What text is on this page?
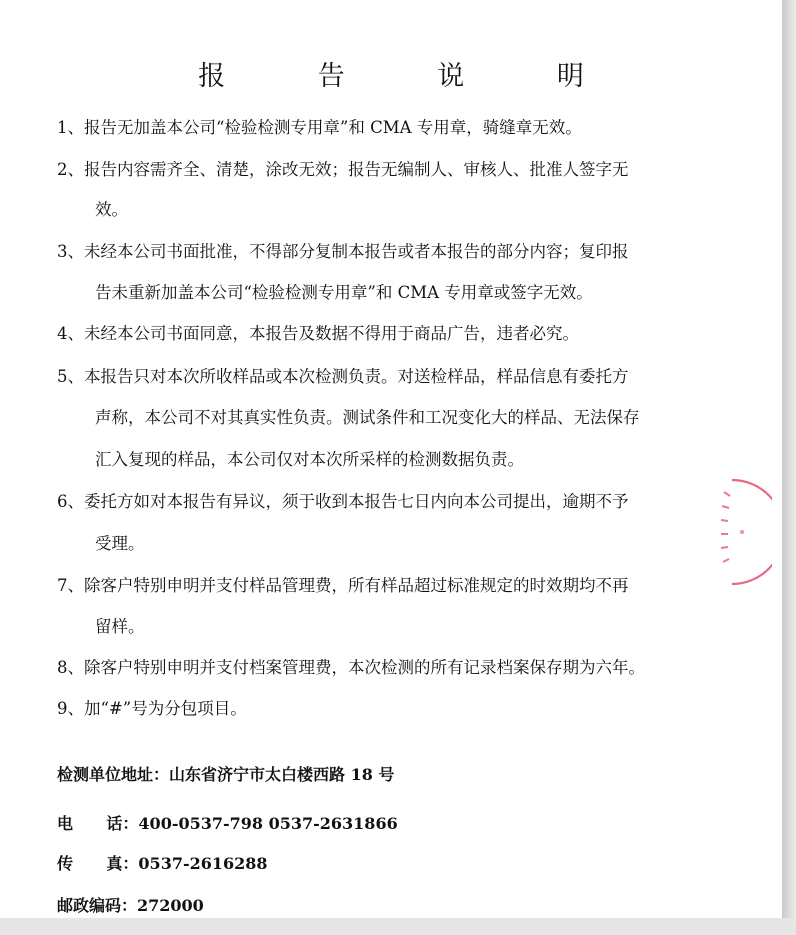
报 告 说 明
1、报告无加盖本公司“检验检测专用章”和 CMA 专用章，骑缝章无效。
2、报告内容需齐全、清楚，涂改无效；报告无编制人、审核人、批准人签字无
效。
3、未经本公司书面批准，不得部分复制本报告或者本报告的部分内容；复印报
告未重新加盖本公司“检验检测专用章”和 CMA 专用章或签字无效。
4、未经本公司书面同意，本报告及数据不得用于商品广告，违者必究。
5、本报告只对本次所收样品或本次检测负责。对送检样品，样品信息有委托方
声称，本公司不对其真实性负责。测试条件和工况变化大的样品、无法保存
汇入复现的样品，本公司仅对本次所采样的检测数据负责。
6、委托方如对本报告有异议，须于收到本报告七日内向本公司提出，逾期不予
受理。
7、除客户特别申明并支付样品管理费，所有样品超过标准规定的时效期均不再
留样。
8、除客户特别申明并支付档案管理费，本次检测的所有记录档案保存期为六年。
9、加“#”号为分包项目。
检测单位地址：山东省济宁市太白楼西路 18 号
电      话：400-0537-798 0537-2631866
传      真：0537-2616288
邮政编码：272000
